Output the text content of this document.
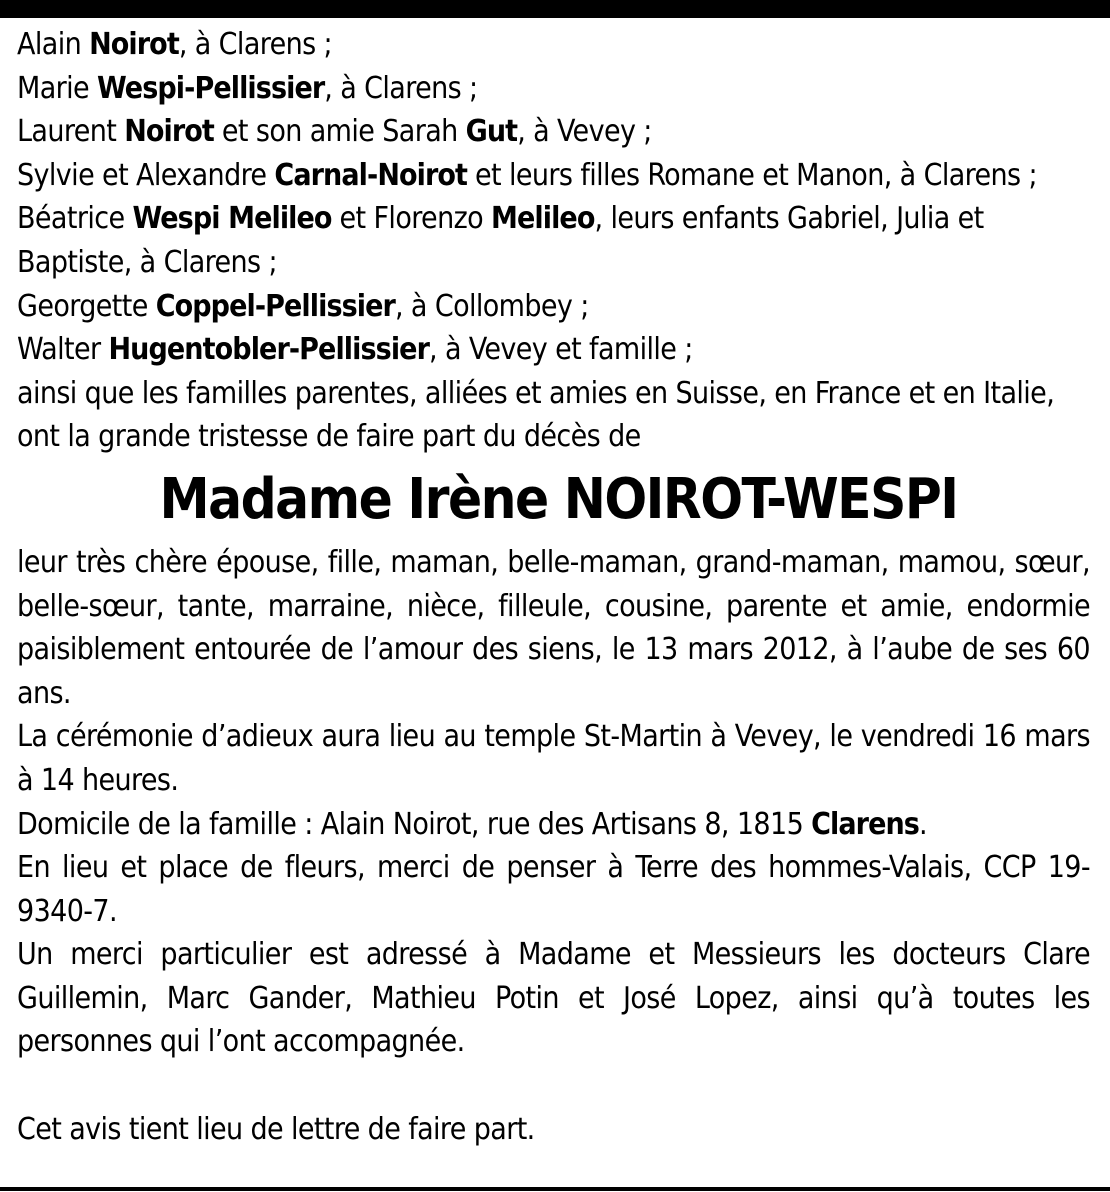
Alain Noirot, à Clarens ;

Marie Wespi-Pellissier, à Clarens ;

Laurent Noirot et son amie Sarah Gut, à Vevey ;

Sylvie et Alexandre Carnal-Noirot et leurs filles Romane et Manon, à Clarens ;

Béatrice Wespi Melileo et Florenzo Melileo, leurs enfants Gabriel, Julia et Baptiste, à Clarens ;

Georgette Coppel-Pellissier, à Collombey ;

Walter Hugentobler-Pellissier, à Vevey et famille ;

ainsi que les familles parentes, alliées et amies en Suisse, en France et en Italie, ont la grande tristesse de faire part du décès de

Madame Irène NOIROT-WESPI

leur très chère épouse, fille, maman, belle-maman, grand-maman, mamou, sœur, belle-sœur, tante, marraine, nièce, filleule, cousine, parente et amie, endormie paisiblement entourée de l’amour des siens, le 13 mars 2012, à l’aube de ses 60 ans.

La cérémonie d’adieux aura lieu au temple St-Martin à Vevey, le vendredi 16 mars à 14 heures.

Domicile de la famille : Alain Noirot, rue des Artisans 8, 1815 Clarens.

En lieu et place de fleurs, merci de penser à Terre des hommes-Valais, CCP 19-9340-7.

Un merci particulier est adressé à Madame et Messieurs les docteurs Clare Guillemin, Marc Gander, Mathieu Potin et José Lopez, ainsi qu’à toutes les personnes qui l’ont accompagnée.

Cet avis tient lieu de lettre de faire part.
